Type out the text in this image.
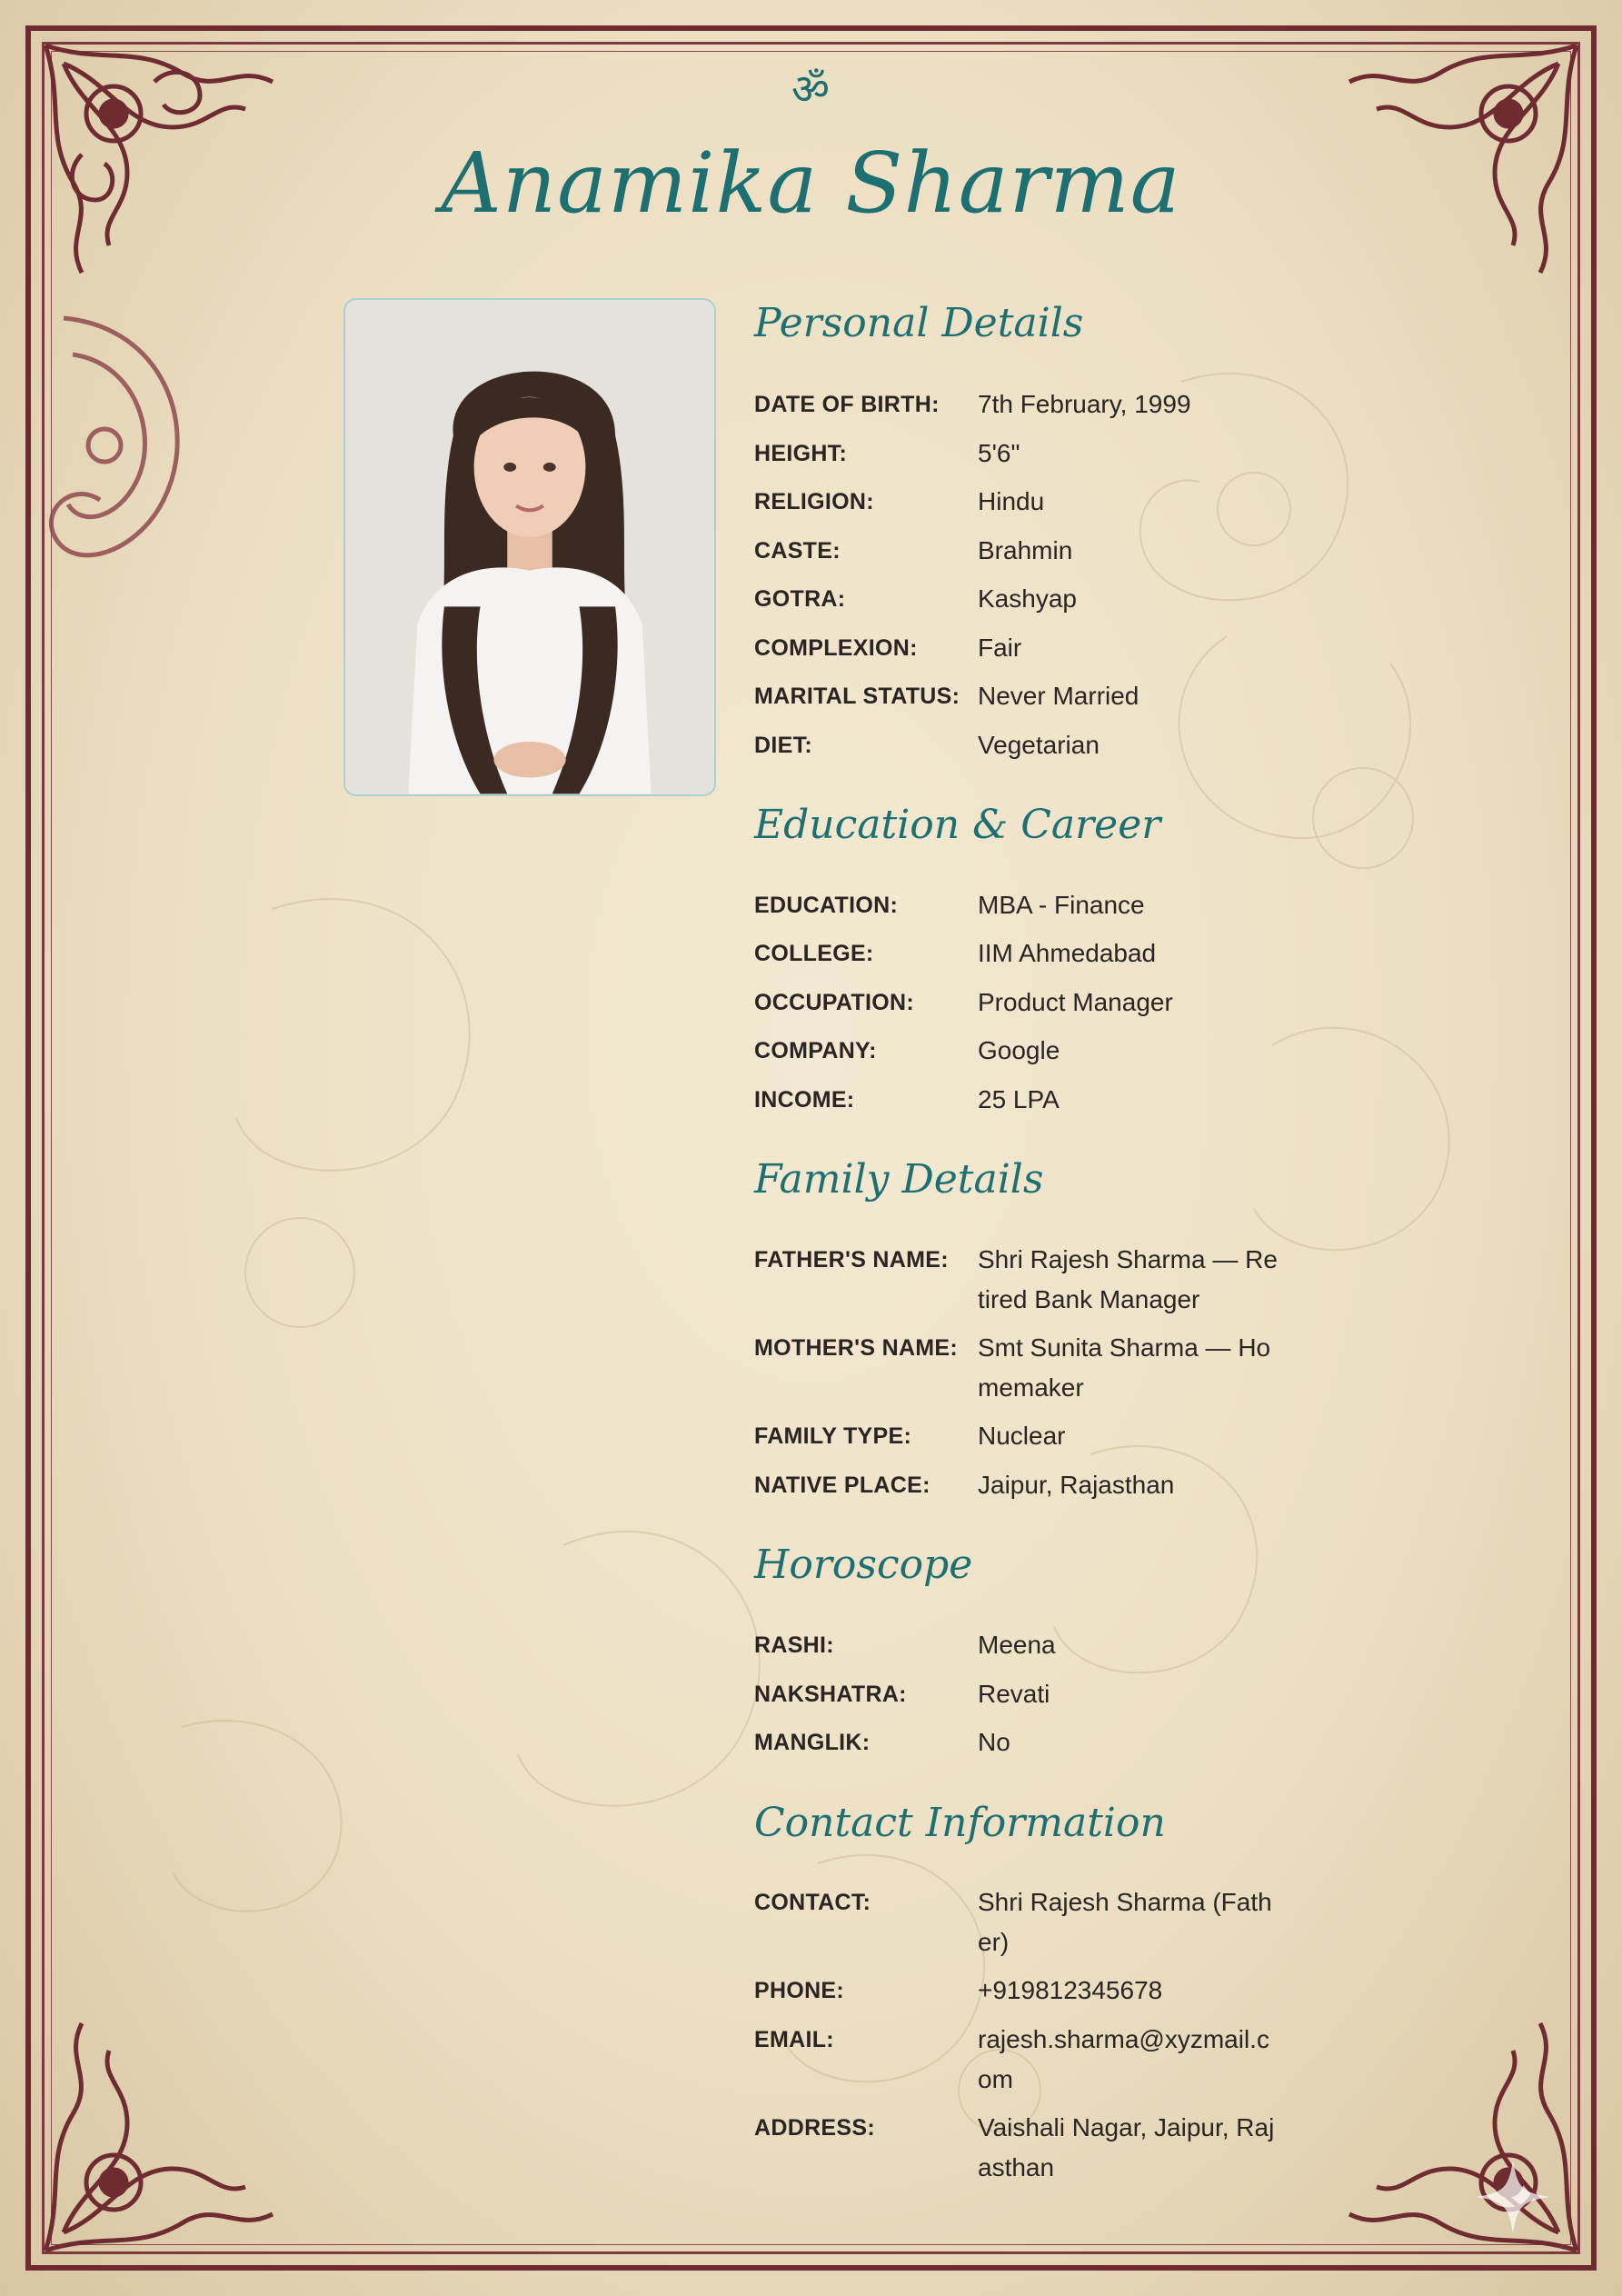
ॐ
Anamika Sharma
Personal Details
DATE OF BIRTH:	7th February, 1999
HEIGHT:	5'6"
RELIGION:	Hindu
CASTE:	Brahmin
GOTRA:	Kashyap
COMPLEXION:	Fair
MARITAL STATUS: Never Married
DIET:	Vegetarian
Education & Career
EDUCATION:	MBA - Finance
COLLEGE:	IIM Ahmedabad
OCCUPATION:	Product Manager
COMPANY:	Google
INCOME:	25 LPA
Family Details
FATHER'S NAME:	Shri Rajesh Sharma — Retired Bank Manager
MOTHER'S NAME: Smt Sunita Sharma — Homemaker
FAMILY TYPE:	Nuclear
NATIVE PLACE:	Jaipur, Rajasthan
Horoscope
RASHI:	Meena
NAKSHATRA:	Revati
MANGLIK:	No
Contact Information
CONTACT:	Shri Rajesh Sharma (Father)
PHONE:	+919812345678
EMAIL:	rajesh.sharma@xyzmail.com
ADDRESS:	Vaishali Nagar, Jaipur, Rajasthan
